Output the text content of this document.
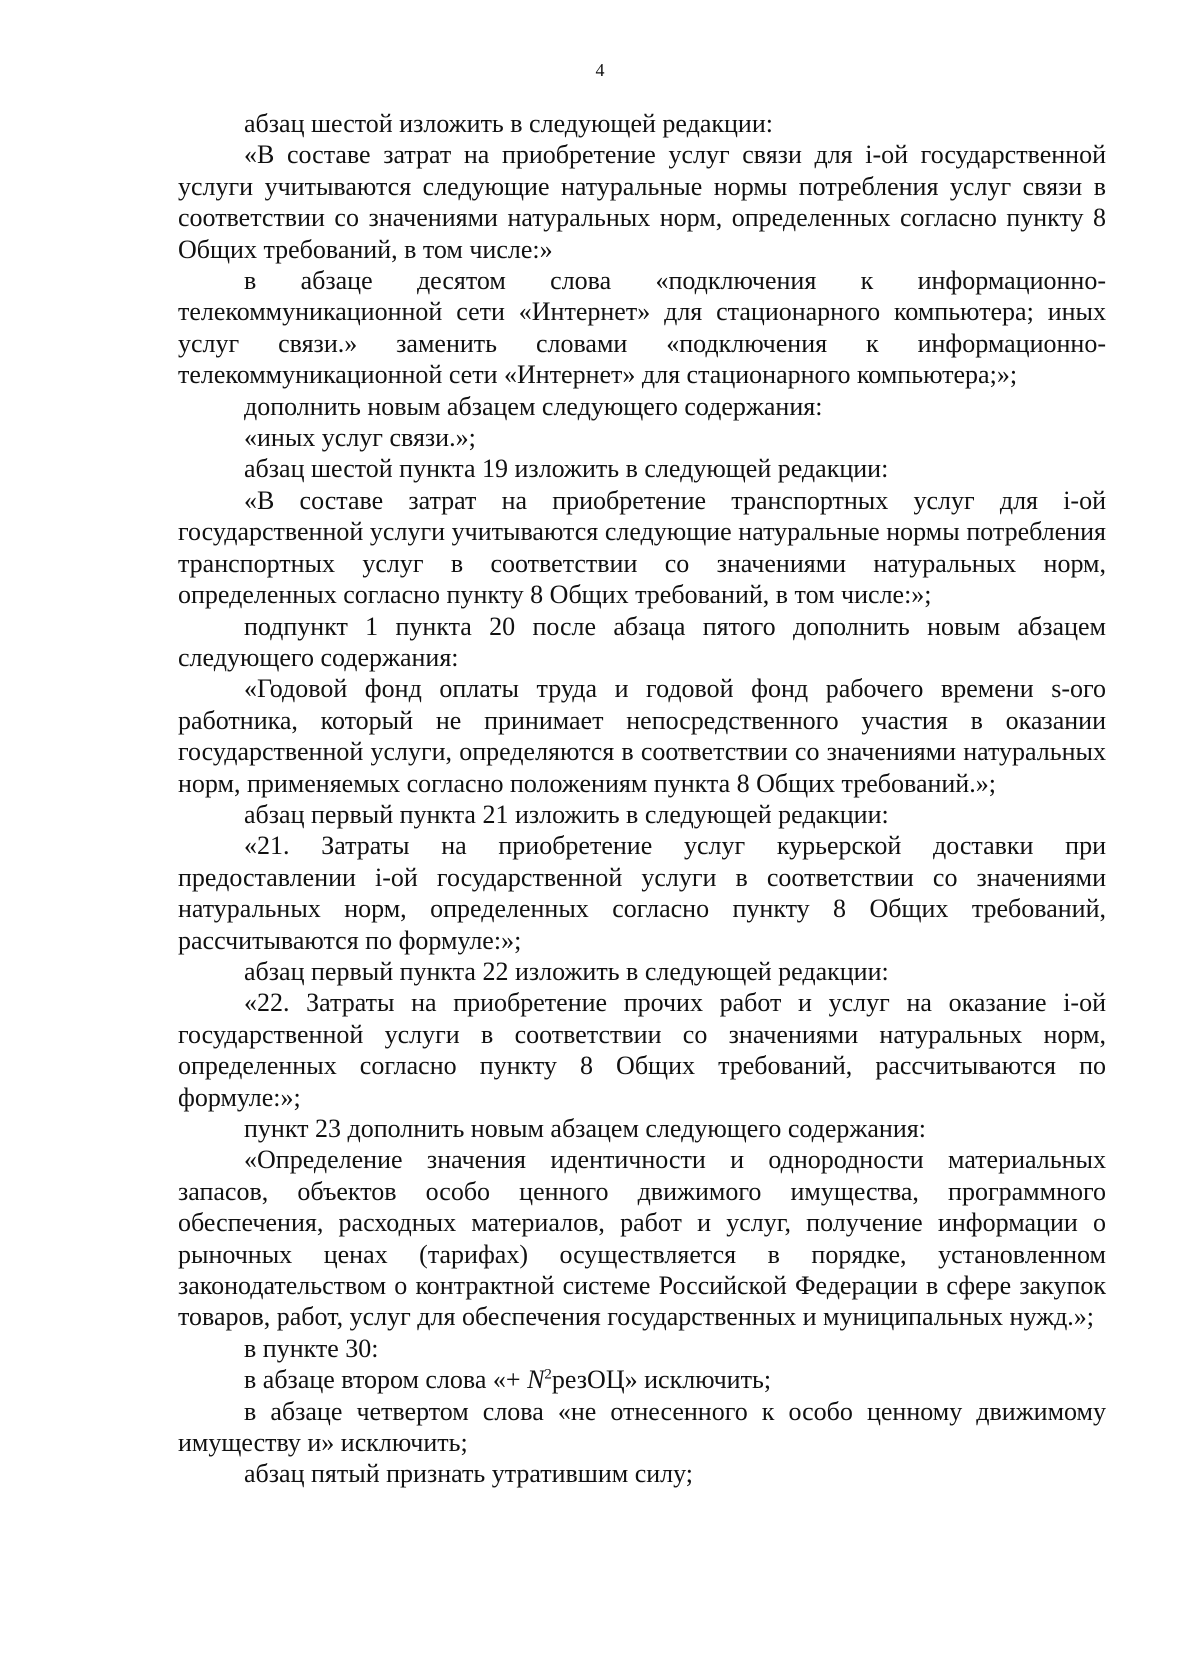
4

абзац шестой изложить в следующей редакции:

«В составе затрат на приобретение услуг связи для i-ой государственной услуги учитываются следующие натуральные нормы потребления услуг связи в соответствии со значениями натуральных норм, определенных согласно пункту 8 Общих требований, в том числе:»

в абзаце десятом слова «подключения к информационно-телекоммуникационной сети «Интернет» для стационарного компьютера; иных услуг связи.» заменить словами «подключения к информационно-телекоммуникационной сети «Интернет» для стационарного компьютера;»;

дополнить новым абзацем следующего содержания:

«иных услуг связи.»;

абзац шестой пункта 19 изложить в следующей редакции:

«В составе затрат на приобретение транспортных услуг для i-ой государственной услуги учитываются следующие натуральные нормы потребления транспортных услуг в соответствии со значениями натуральных норм, определенных согласно пункту 8 Общих требований, в том числе:»;

подпункт 1 пункта 20 после абзаца пятого дополнить новым абзацем следующего содержания:

«Годовой фонд оплаты труда и годовой фонд рабочего времени s-ого работника, который не принимает непосредственного участия в оказании государственной услуги, определяются в соответствии со значениями натуральных норм, применяемых согласно положениям пункта 8 Общих требований.»;

абзац первый пункта 21 изложить в следующей редакции:

«21. Затраты на приобретение услуг курьерской доставки при предоставлении i-ой государственной услуги в соответствии со значениями натуральных норм, определенных согласно пункту 8 Общих требований, рассчитываются по формуле:»;

абзац первый пункта 22 изложить в следующей редакции:

«22. Затраты на приобретение прочих работ и услуг на оказание i-ой государственной услуги в соответствии со значениями натуральных норм, определенных согласно пункту 8 Общих требований, рассчитываются по формуле:»;

пункт 23 дополнить новым абзацем следующего содержания:

«Определение значения идентичности и однородности материальных запасов, объектов особо ценного движимого имущества, программного обеспечения, расходных материалов, работ и услуг, получение информации о рыночных ценах (тарифах) осуществляется в порядке, установленном законодательством о контрактной системе Российской Федерации в сфере закупок товаров, работ, услуг для обеспечения государственных и муниципальных нужд.»;

в пункте 30:

в абзаце втором слова «+ $N^2резОЦ$» исключить;

в абзаце четвертом слова «не отнесенного к особо ценному движимому имуществу и» исключить;

абзац пятый признать утратившим силу;
